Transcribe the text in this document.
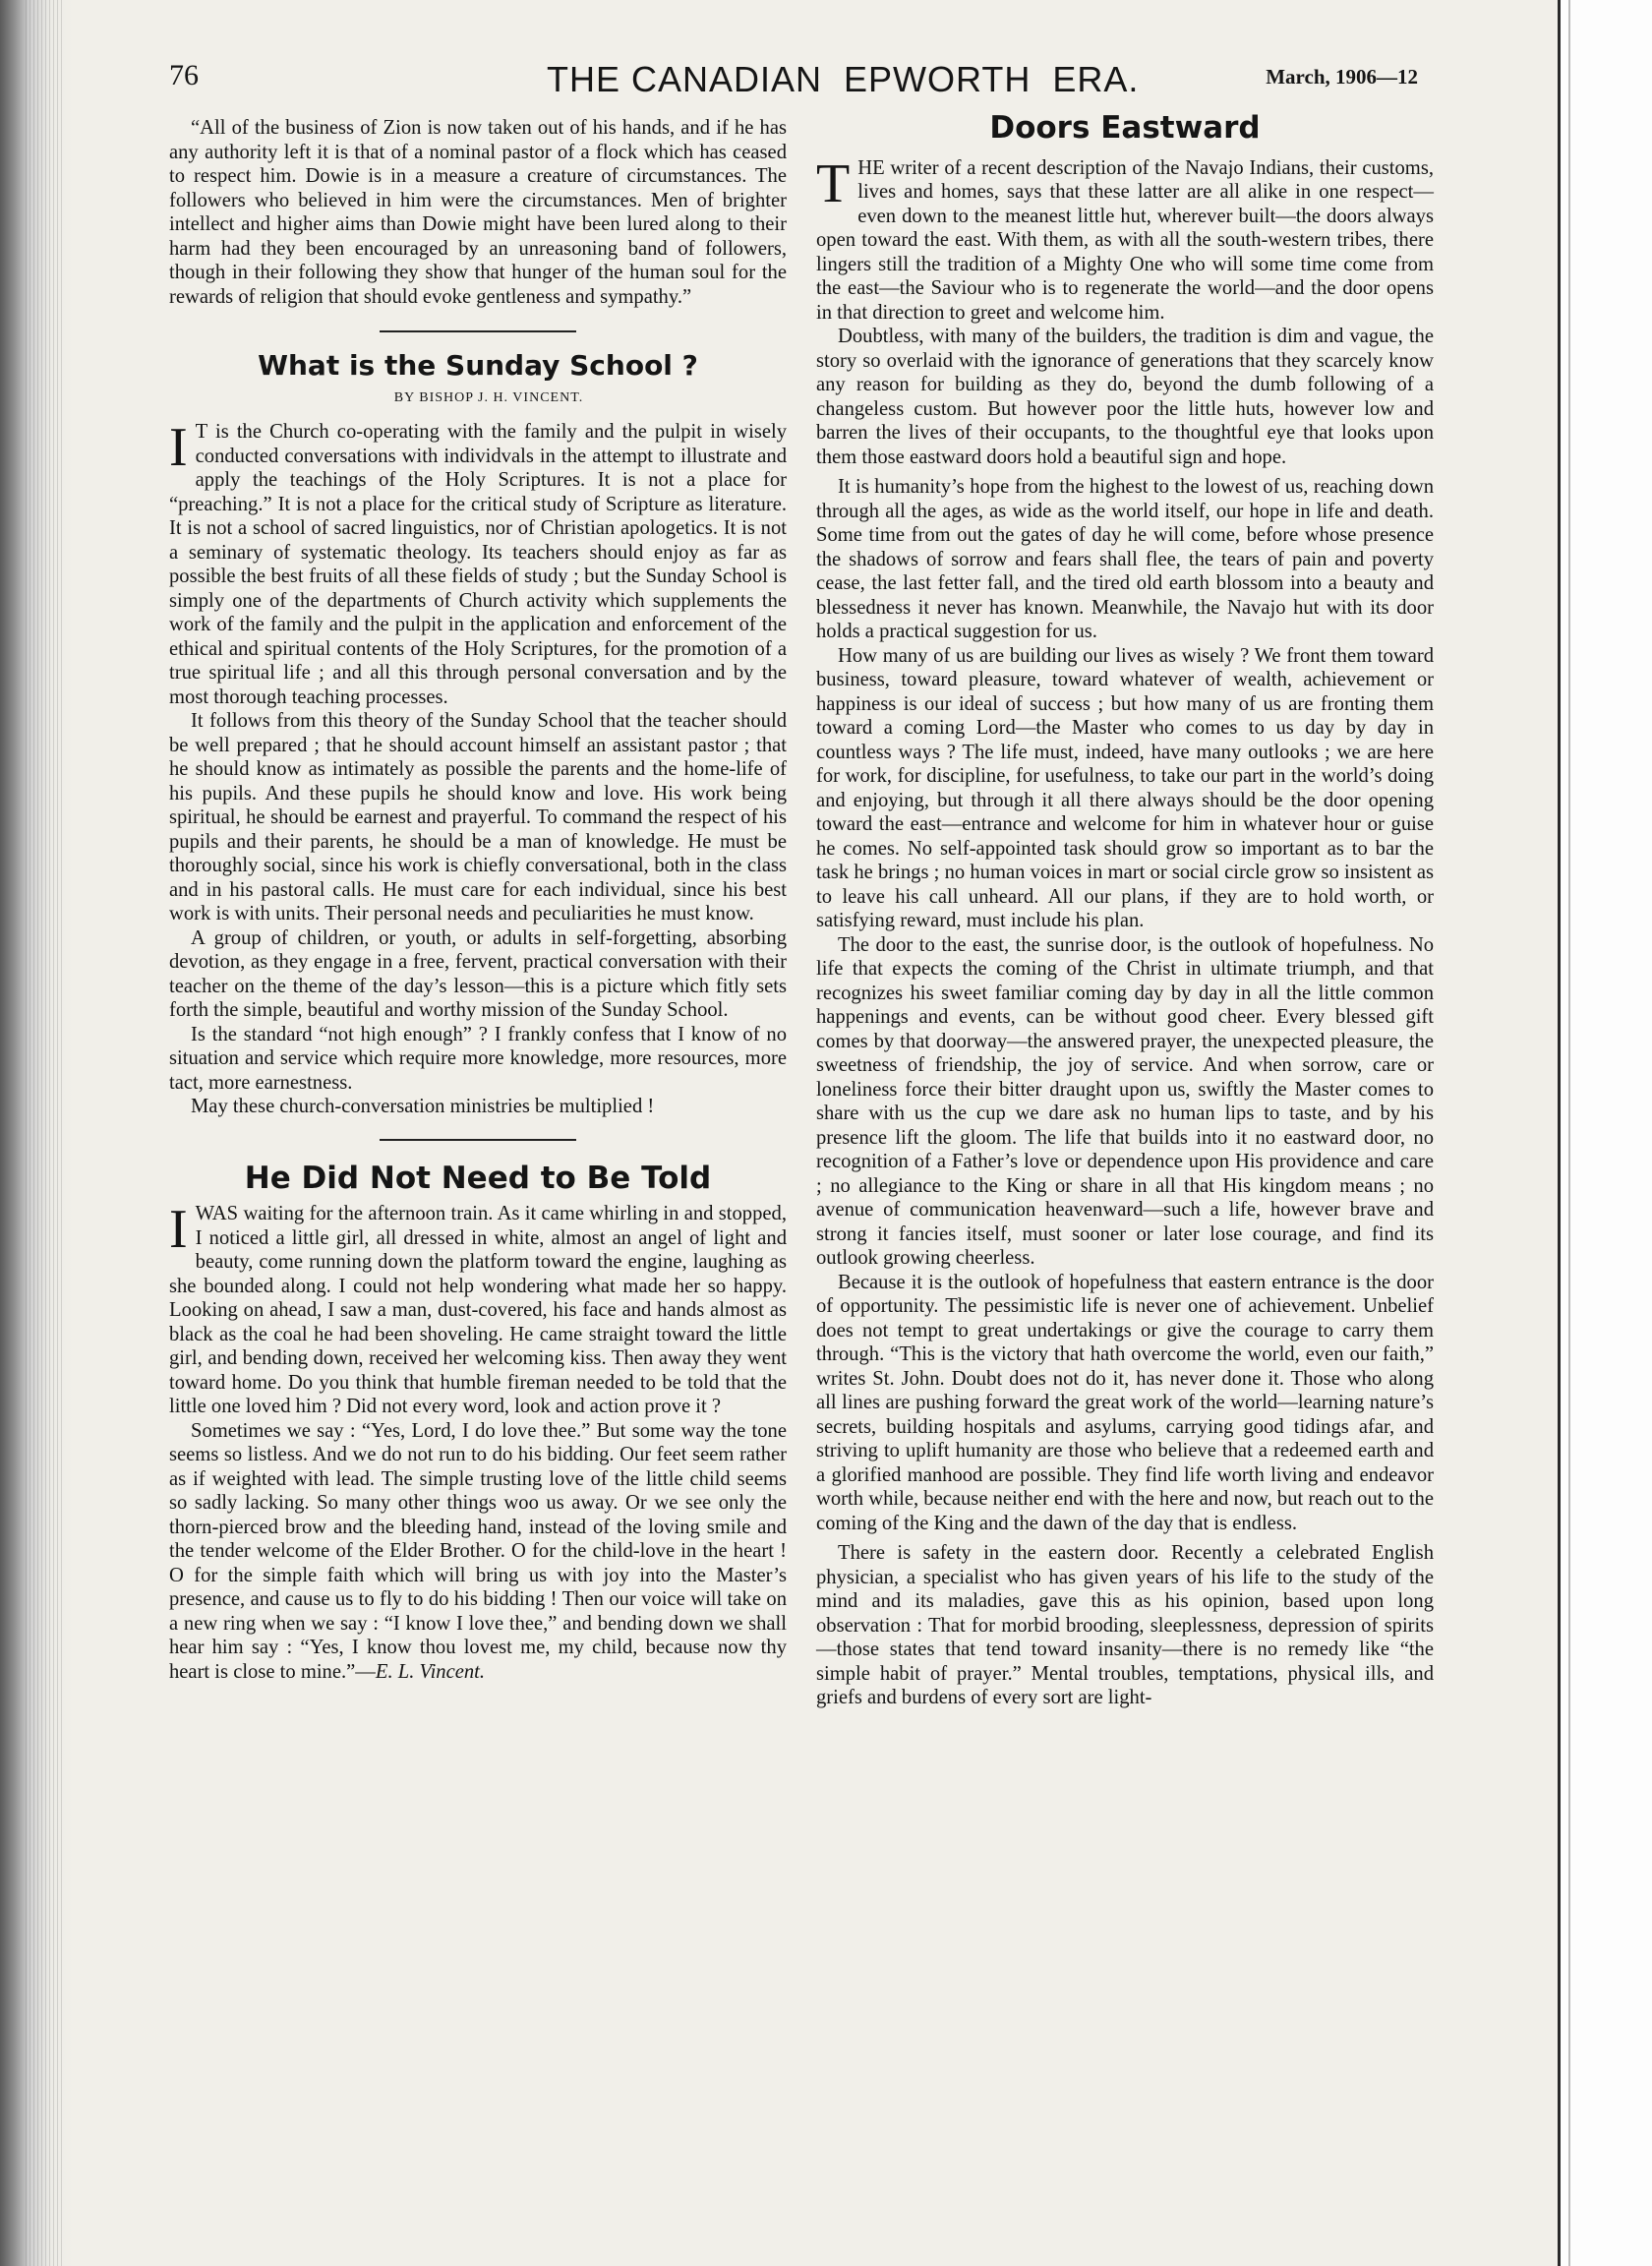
76	THE CANADIAN  EPWORTH  ERA.	March, 1906—12

“All of the business of Zion is now taken out of his hands, and if he has any authority left it is that of a nominal pastor of a flock which has ceased to respect him. Dowie is in a measure a creature of circumstances. The followers who believed in him were the circumstances. Men of brighter intellect and higher aims than Dowie might have been lured along to their harm had they been encouraged by an unreasoning band of followers, though in their following they show that hunger of the human soul for the rewards of religion that should evoke gentleness and sympathy.”

What is the Sunday School ?

BY BISHOP J. H. VINCENT.

I T is the Church co-operating with the family and the pulpit in wisely conducted conversations with individvals in the attempt to illustrate and apply the teachings of the Holy Scriptures. It is not a place for “preaching.” It is not a place for the critical study of Scripture as literature. It is not a school of sacred linguistics, nor of Christian apologetics. It is not a seminary of systematic theology. Its teachers should enjoy as far as possible the best fruits of all these fields of study ; but the Sunday School is simply one of the departments of Church activity which supplements the work of the family and the pulpit in the application and enforcement of the ethical and spiritual contents of the Holy Scriptures, for the promotion of a true spiritual life ; and all this through personal conversation and by the most thorough teaching processes.

It follows from this theory of the Sunday School that the teacher should be well prepared ; that he should account himself an assistant pastor ; that he should know as intimately as possible the parents and the home-life of his pupils. And these pupils he should know and love. His work being spiritual, he should be earnest and prayerful. To command the respect of his pupils and their parents, he should be a man of knowledge. He must be thoroughly social, since his work is chiefly conversational, both in the class and in his pastoral calls. He must care for each individual, since his best work is with units. Their personal needs and peculiarities he must know.

A group of children, or youth, or adults in self-forgetting, absorbing devotion, as they engage in a free, fervent, practical conversation with their teacher on the theme of the day’s lesson—this is a picture which fitly sets forth the simple, beautiful and worthy mission of the Sunday School.

Is the standard “not high enough” ? I frankly confess that I know of no situation and service which require more knowledge, more resources, more tact, more earnestness.

May these church-conversation ministries be multiplied !

He Did Not Need to Be Told

IWAS waiting for the afternoon train. As it came whirling in and stopped, I noticed a little girl, all dressed in white, almost an angel of light and beauty, come running down the platform toward the engine, laughing as she bounded along. I could not help wondering what made her so happy. Looking on ahead, I saw a man, dust-covered, his face and hands almost as black as the coal he had been shoveling. He came straight toward the little girl, and bending down, received her welcoming kiss. Then away they went toward home. Do you think that humble fireman needed to be told that the little one loved him ? Did not every word, look and action prove it ?

Sometimes we say : “Yes, Lord, I do love thee.” But some way the tone seems so listless. And we do not run to do his bidding. Our feet seem rather as if weighted with lead. The simple trusting love of the little child seems so sadly lacking. So many other things woo us away. Or we see only the thorn-pierced brow and the bleeding hand, instead of the loving smile and the tender welcome of the Elder Brother. O for the child-love in the heart ! O for the simple faith which will bring us with joy into the Master’s presence, and cause us to fly to do his bidding ! Then our voice will take on a new ring when we say : “I know I love thee,” and bending down we shall hear him say : “Yes, I know thou lovest me, my child, because now thy heart is close to mine.”—E. L. Vincent.

Doors Eastward

THE writer of a recent description of the Navajo Indians, their customs, lives and homes, says that these latter are all alike in one respect—even down to the meanest little hut, wherever built—the doors always open toward the east. With them, as with all the south-western tribes, there lingers still the tradition of a Mighty One who will some time come from the east—the Saviour who is to regenerate the world—and the door opens in that direction to greet and welcome him.

Doubtless, with many of the builders, the tradition is dim and vague, the story so overlaid with the ignorance of generations that they scarcely know any reason for building as they do, beyond the dumb following of a changeless custom. But however poor the little huts, however low and barren the lives of their occupants, to the thoughtful eye that looks upon them those eastward doors hold a beautiful sign and hope.

It is humanity’s hope from the highest to the lowest of us, reaching down through all the ages, as wide as the world itself, our hope in life and death. Some time from out the gates of day he will come, before whose presence the shadows of sorrow and fears shall flee, the tears of pain and poverty cease, the last fetter fall, and the tired old earth blossom into a beauty and blessedness it never has known. Meanwhile, the Navajo hut with its door holds a practical suggestion for us.

How many of us are building our lives as wisely ? We front them toward business, toward pleasure, toward whatever of wealth, achievement or happiness is our ideal of success ; but how many of us are fronting them toward a coming Lord—the Master who comes to us day by day in countless ways ? The life must, indeed, have many outlooks ; we are here for work, for discipline, for usefulness, to take our part in the world’s doing and enjoying, but through it all there always should be the door opening toward the east—entrance and welcome for him in whatever hour or guise he comes. No self-appointed task should grow so important as to bar the task he brings ; no human voices in mart or social circle grow so insistent as to leave his call unheard. All our plans, if they are to hold worth, or satisfying reward, must include his plan.

The door to the east, the sunrise door, is the outlook of hopefulness. No life that expects the coming of the Christ in ultimate triumph, and that recognizes his sweet familiar coming day by day in all the little common happenings and events, can be without good cheer. Every blessed gift comes by that doorway—the answered prayer, the unexpected pleasure, the sweetness of friendship, the joy of service. And when sorrow, care or loneliness force their bitter draught upon us, swiftly the Master comes to share with us the cup we dare ask no human lips to taste, and by his presence lift the gloom. The life that builds into it no eastward door, no recognition of a Father’s love or dependence upon His providence and care ; no allegiance to the King or share in all that His kingdom means ; no avenue of communication heavenward—such a life, however brave and strong it fancies itself, must sooner or later lose courage, and find its outlook growing cheerless.

Because it is the outlook of hopefulness that eastern entrance is the door of opportunity. The pessimistic life is never one of achievement. Unbelief does not tempt to great undertakings or give the courage to carry them through. “This is the victory that hath overcome the world, even our faith,” writes St. John. Doubt does not do it, has never done it. Those who along all lines are pushing forward the great work of the world—learning nature’s secrets, building hospitals and asylums, carrying good tidings afar, and striving to uplift humanity are those who believe that a redeemed earth and a glorified manhood are possible. They find life worth living and endeavor worth while, because neither end with the here and now, but reach out to the coming of the King and the dawn of the day that is endless.

There is safety in the eastern door. Recently a celebrated English physician, a specialist who has given years of his life to the study of the mind and its maladies, gave this as his opinion, based upon long observation : That for morbid brooding, sleeplessness, depression of spirits—those states that tend toward insanity—there is no remedy like “the simple habit of prayer.” Mental troubles, temptations, physical ills, and griefs and burdens of every sort are light-
